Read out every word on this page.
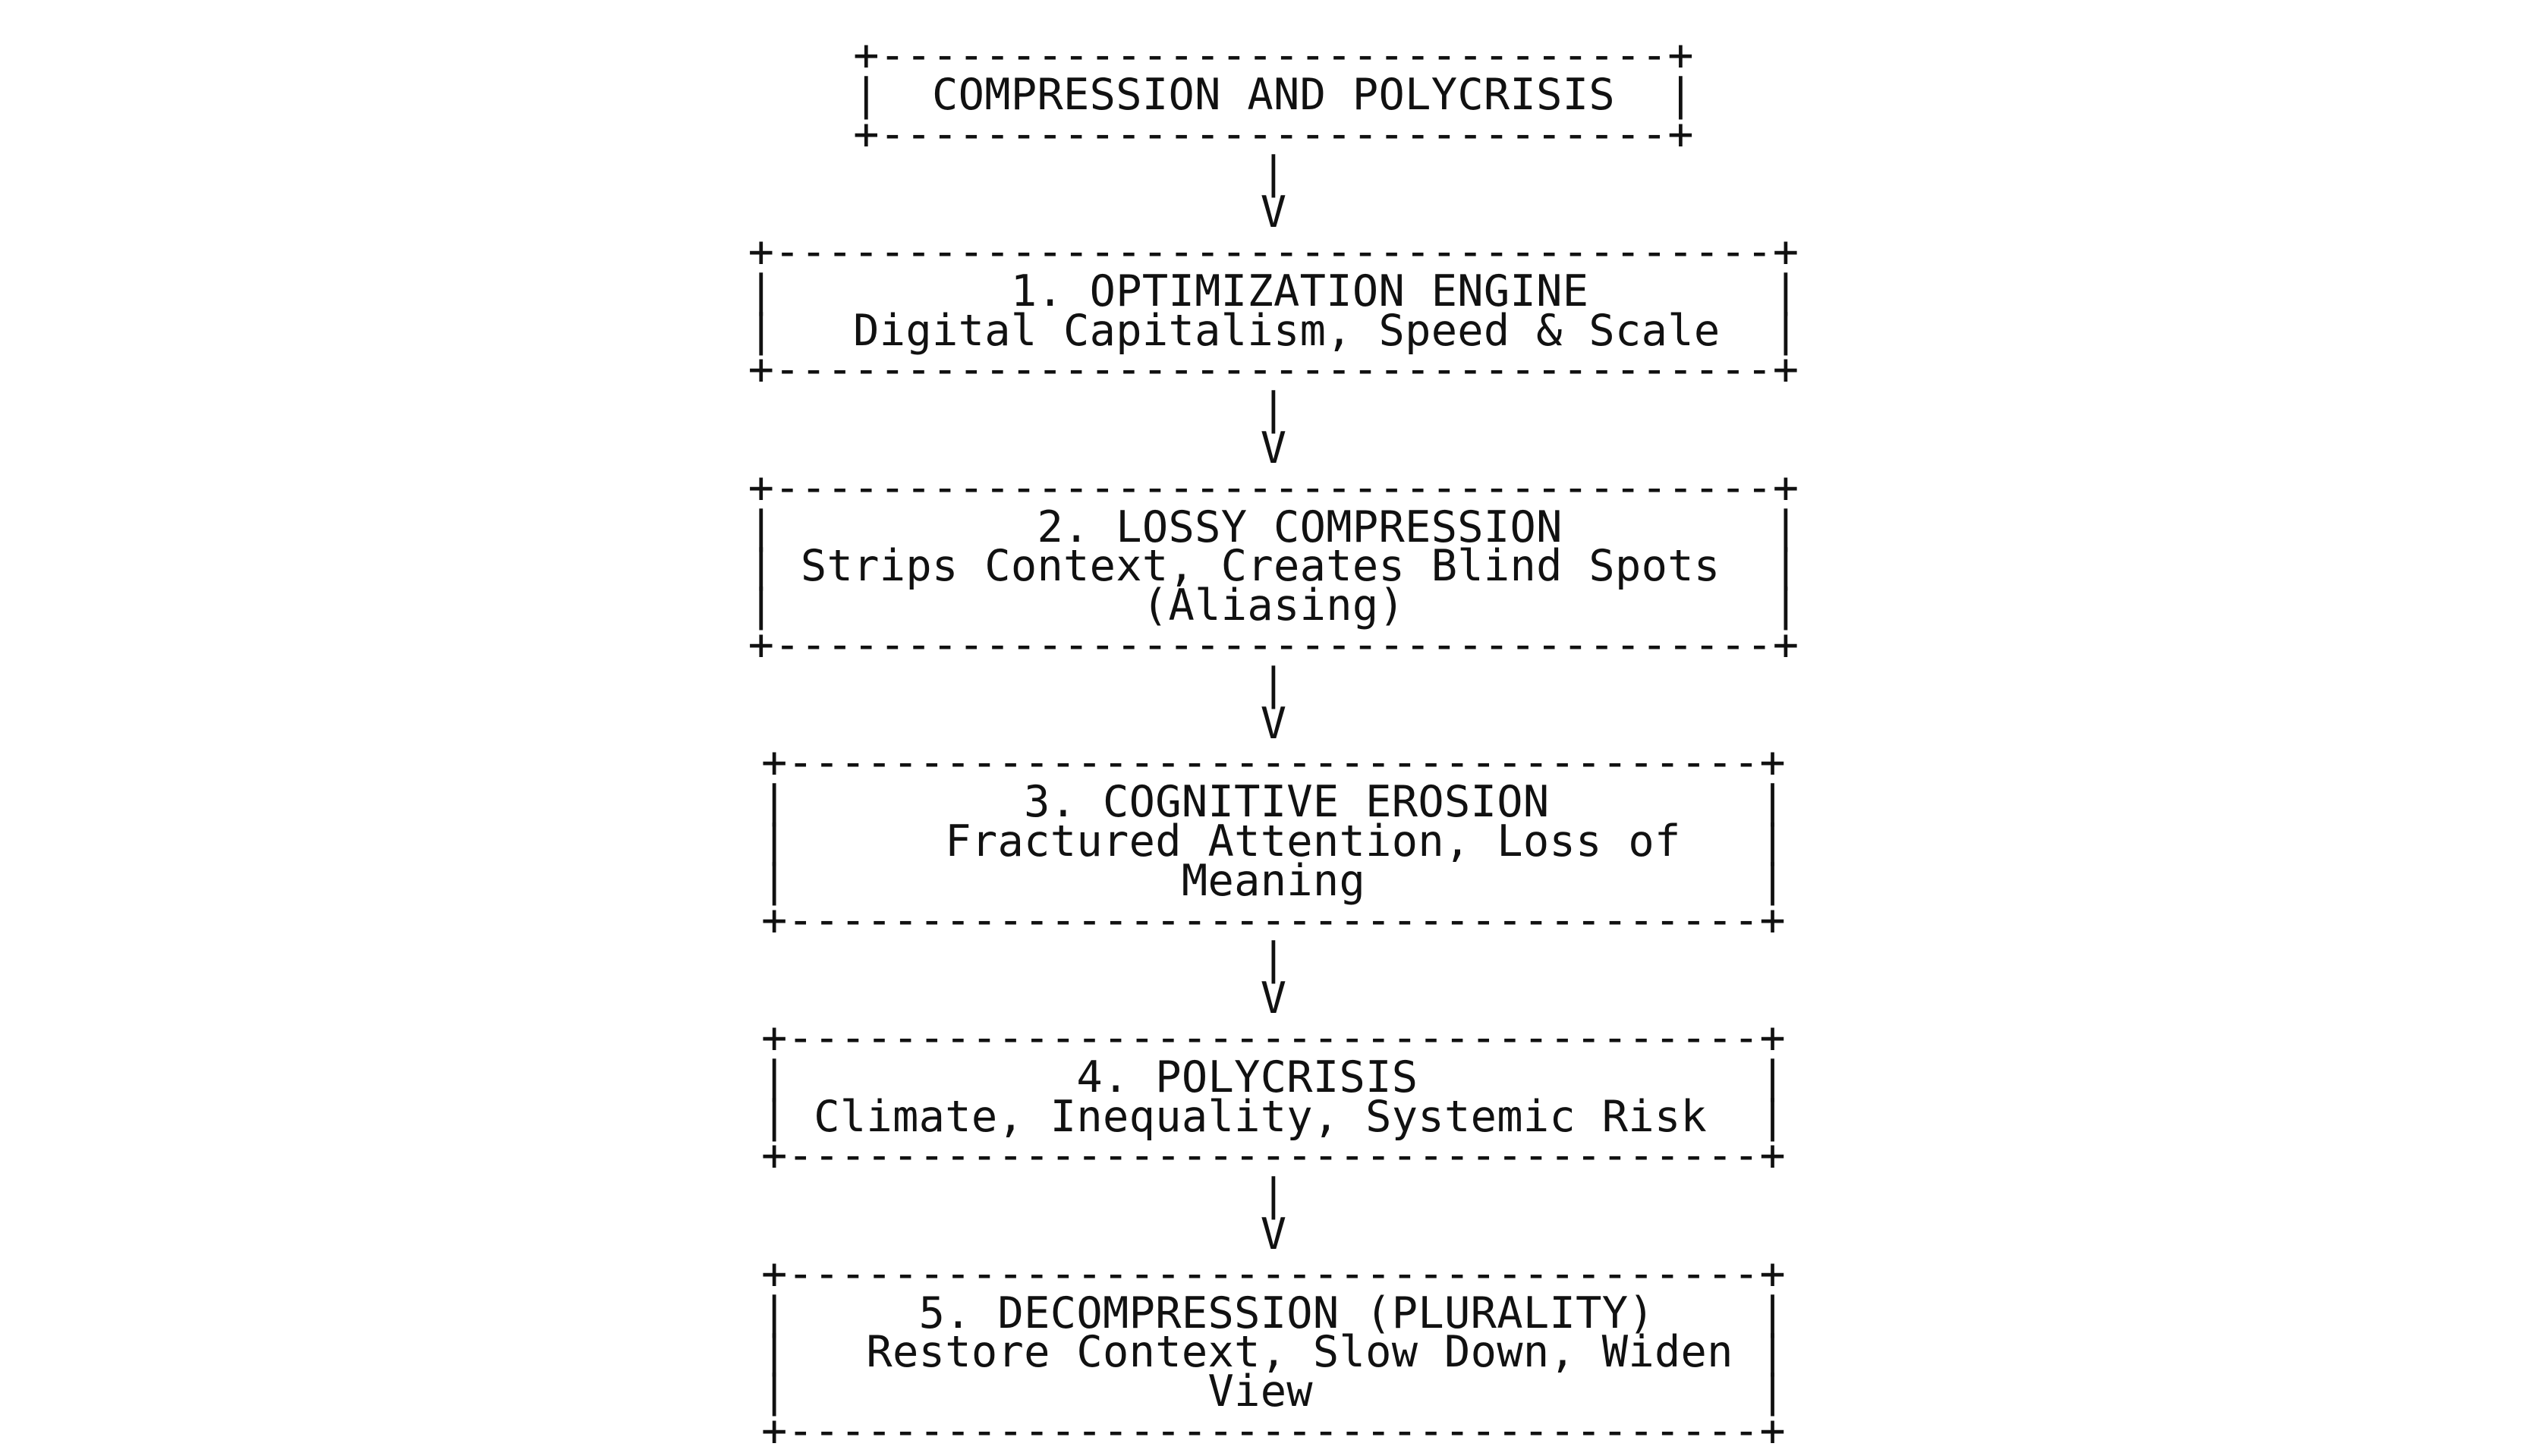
+------------------------------+
|  COMPRESSION AND POLYCRISIS  |
+------------------------------+
|
V
+--------------------------------------+
|         1. OPTIMIZATION ENGINE       |
|   Digital Capitalism, Speed & Scale  |
+--------------------------------------+
|
V
+--------------------------------------+
|          2. LOSSY COMPRESSION        |
| Strips Context, Creates Blind Spots  |
|              (Aliasing)              |
+--------------------------------------+
|
V
+-------------------------------------+
|         3. COGNITIVE EROSION        |
|      Fractured Attention, Loss of   |
|               Meaning               |
+-------------------------------------+
|
V
+-------------------------------------+
|           4. POLYCRISIS             |
| Climate, Inequality, Systemic Risk  |
+-------------------------------------+
|
V
+-------------------------------------+
|     5. DECOMPRESSION (PLURALITY)    |
|   Restore Context, Slow Down, Widen |
|                View                 |
+-------------------------------------+
